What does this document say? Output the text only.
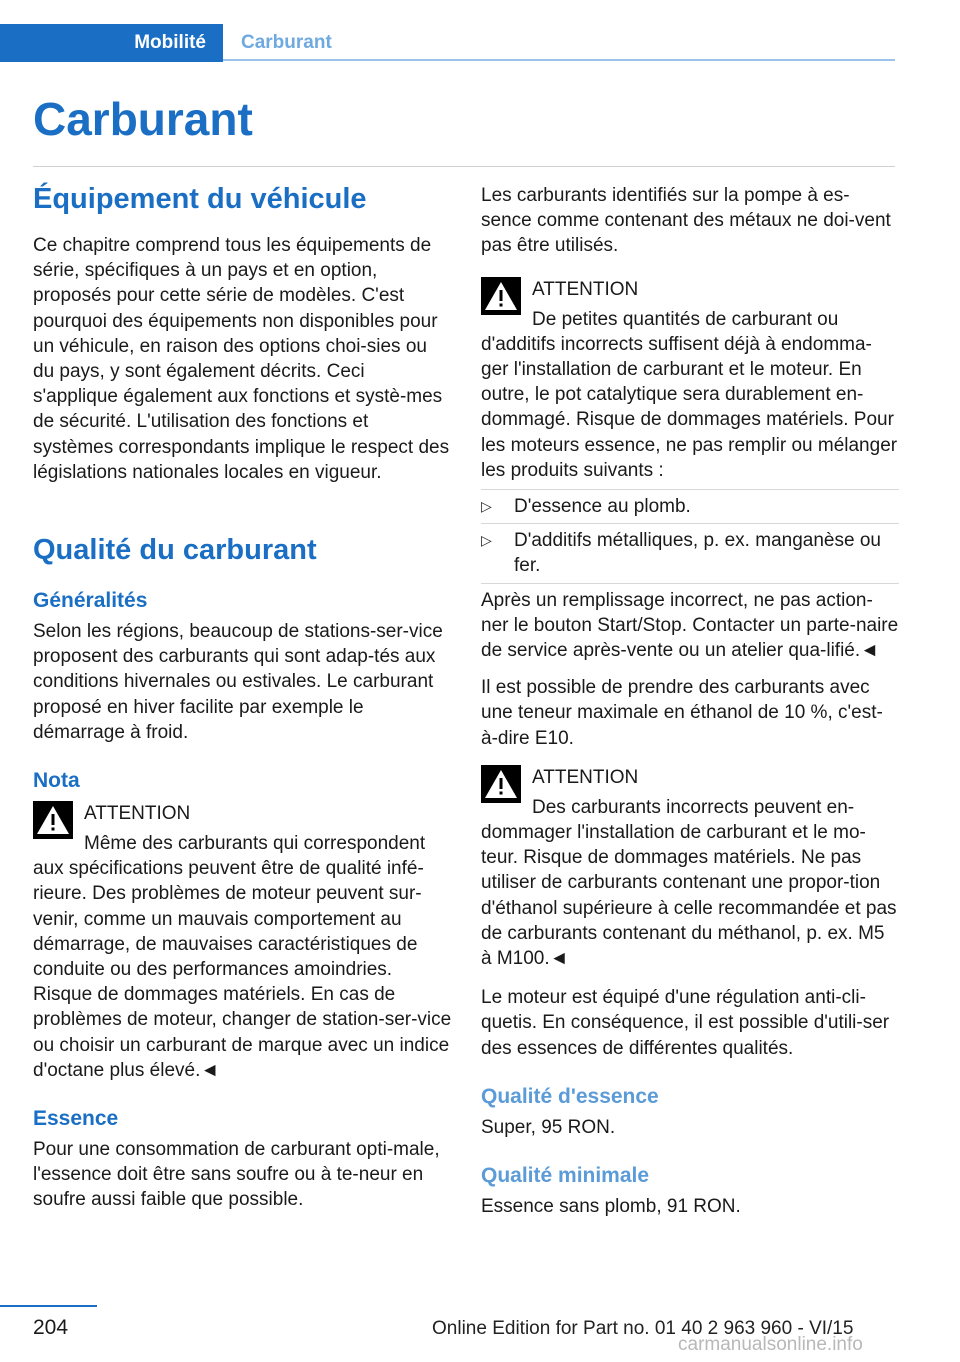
Mobilité	Carburant
Carburant
Équipement du véhicule

Ce chapitre comprend tous les équipements de série, spécifiques à un pays et en option, proposés pour cette série de modèles. C'est pourquoi des équipements non disponibles pour un véhicule, en raison des options choi-sies ou du pays, y sont également décrits. Ceci s'applique également aux fonctions et systè-mes de sécurité. L'utilisation des fonctions et systèmes correspondants implique le respect des législations nationales locales en vigueur.

Qualité du carburant
Généralités

Selon les régions, beaucoup de stations-ser-vice proposent des carburants qui sont adap-tés aux conditions hivernales ou estivales. Le carburant proposé en hiver facilite par exemple le démarrage à froid.

Nota
ATTENTION

Même des carburants qui correspondent aux spécifications peuvent être de qualité infé-rieure. Des problèmes de moteur peuvent sur-venir, comme un mauvais comportement au démarrage, de mauvaises caractéristiques de conduite ou des performances amoindries. Risque de dommages matériels. En cas de problèmes de moteur, changer de station-ser-vice ou choisir un carburant de marque avec un indice d'octane plus élevé.◄

Essence

Pour une consommation de carburant opti-male, l'essence doit être sans soufre ou à te-neur en soufre aussi faible que possible.

Les carburants identifiés sur la pompe à es-sence comme contenant des métaux ne doi-vent pas être utilisés.

ATTENTION

De petites quantités de carburant ou d'additifs incorrects suffisent déjà à endomma-ger l'installation de carburant et le moteur. En outre, le pot catalytique sera durablement en-dommagé. Risque de dommages matériels. Pour les moteurs essence, ne pas remplir ou mélanger les produits suivants :

▷ D'essence au plomb.
▷ D'additifs métalliques, p. ex. manganèse ou fer.

Après un remplissage incorrect, ne pas action-ner le bouton Start/Stop. Contacter un parte-naire de service après-vente ou un atelier qua-lifié.◄

Il est possible de prendre des carburants avec une teneur maximale en éthanol de 10 %, c'est-à-dire E10.

ATTENTION

Des carburants incorrects peuvent en-dommager l'installation de carburant et le mo-teur. Risque de dommages matériels. Ne pas utiliser de carburants contenant une propor-tion d'éthanol supérieure à celle recommandée et pas de carburants contenant du méthanol, p. ex. M5 à M100.◄

Le moteur est équipé d'une régulation anti-cli-quetis. En conséquence, il est possible d'utili-ser des essences de différentes qualités.

Qualité d'essence

Super, 95 RON.

Qualité minimale

Essence sans plomb, 91 RON.

204	Online Edition for Part no. 01 40 2 963 960 - VI/15
carmanualsonline.info
